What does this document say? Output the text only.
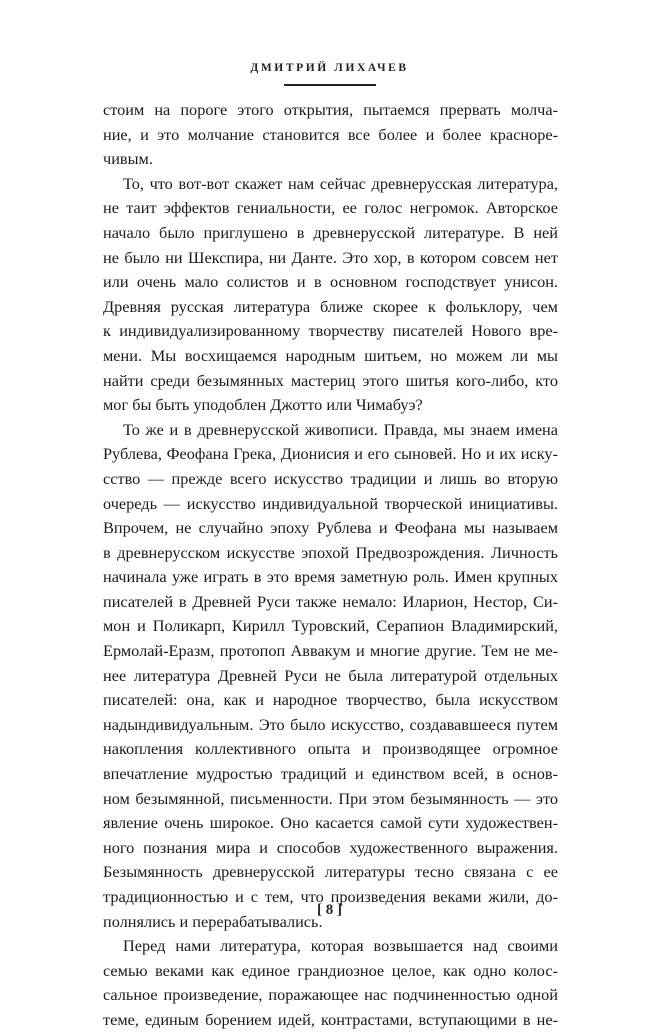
ДМИТРИЙ ЛИХАЧЕВ
стоим на пороге этого открытия, пытаемся прервать молча-
ние, и это молчание становится все более и более красноре-
чивым.
То, что вот-вот скажет нам сейчас древнерусская литература,
не таит эффектов гениальности, ее голос негромок. Авторское
начало было приглушено в древнерусской литературе. В ней
не было ни Шекспира, ни Данте. Это хор, в котором совсем нет
или очень мало солистов и в основном господствует унисон.
Древняя русская литература ближе скорее к фольклору, чем
к индивидуализированному творчеству писателей Нового вре-
мени. Мы восхищаемся народным шитьем, но можем ли мы
найти среди безымянных мастериц этого шитья кого-либо, кто
мог бы быть уподоблен Джотто или Чимабуэ?
То же и в древнерусской живописи. Правда, мы знаем имена
Рублева, Феофана Грека, Дионисия и его сыновей. Но и их иску-
сство — прежде всего искусство традиции и лишь во вторую
очередь — искусство индивидуальной творческой инициативы.
Впрочем, не случайно эпоху Рублева и Феофана мы называем
в древнерусском искусстве эпохой Предвозрождения. Личность
начинала уже играть в это время заметную роль. Имен крупных
писателей в Древней Руси также немало: Иларион, Нестор, Си-
мон и Поликарп, Кирилл Туровский, Серапион Владимирский,
Ермолай-Еразм, протопоп Аввакум и многие другие. Тем не ме-
нее литература Древней Руси не была литературой отдельных
писателей: она, как и народное творчество, была искусством
надындивидуальным. Это было искусство, создававшееся путем
накопления коллективного опыта и производящее огромное
впечатление мудростью традиций и единством всей, в основ-
ном безымянной, письменности. При этом безымянность — это
явление очень широкое. Оно касается самой сути художествен-
ного познания мира и способов художественного выражения.
Безымянность древнерусской литературы тесно связана с ее
традиционностью и с тем, что произведения веками жили, до-
полнялись и перерабатывались.
Перед нами литература, которая возвышается над своими
семью веками как единое грандиозное целое, как одно колос-
сальное произведение, поражающее нас подчиненностью одной
теме, единым борением идей, контрастами, вступающими в не-
[ 8 ]
